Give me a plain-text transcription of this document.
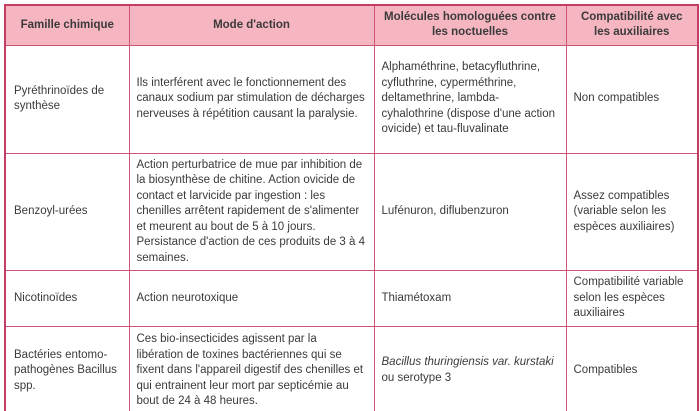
Famille chimique	Mode d'action	Molécules homologuées contre les noctuelles	Compatibilité avec les auxiliaires
Pyréthrinoïdes de synthèse	Ils interférent avec le fonctionnement des canaux sodium par stimulation de décharges nerveuses à répétition causant la paralysie.	Alphaméthrine, betacyfluthrine, cyfluthrine, cyperméthrine, deltamethrine, lambda-cyhalothrine (dispose d'une action ovicide) et tau-fluvalinate	Non compatibles
Benzoyl-urées	Action perturbatrice de mue par inhibition de la biosynthèse de chitine. Action ovicide de contact et larvicide par ingestion : les chenilles arrêtent rapidement de s'alimenter et meurent au bout de 5 à 10 jours. Persistance d'action de ces produits de 3 à 4 semaines.	Lufénuron, diflubenzuron	Assez compatibles (variable selon les espèces auxiliaires)
Nicotinoïdes	Action neurotoxique	Thiamétoxam	Compatibilité variable selon les espèces auxiliaires
Bactéries entomo-pathogènes Bacillus spp.	Ces bio-insecticides agissent par la libération de toxines bactériennes qui se fixent dans l'appareil digestif des chenilles et qui entrainent leur mort par septicémie au bout de 24 à 48 heures.	Bacillus thuringiensis var. kurstaki ou serotype 3	Compatibles
